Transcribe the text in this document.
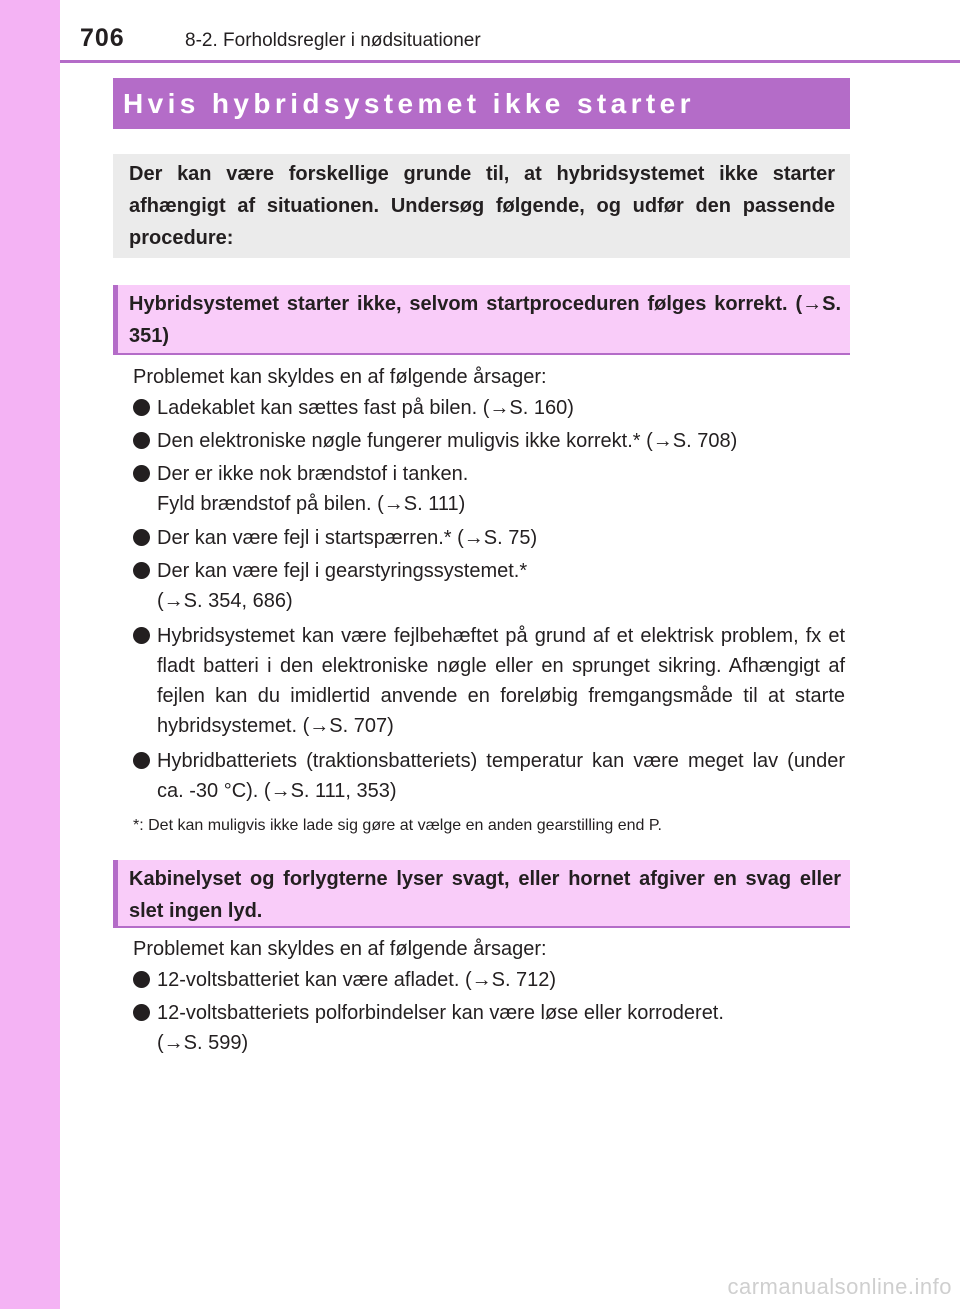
706	8-2. Forholdsregler i nødsituationer
Hvis hybridsystemet ikke starter
Der kan være forskellige grunde til, at hybridsystemet ikke starter afhængigt af situationen. Undersøg følgende, og udfør den passende procedure:
Hybridsystemet starter ikke, selvom startproceduren følges korrekt. (→S. 351)
Problemet kan skyldes en af følgende årsager:
Ladekablet kan sættes fast på bilen. (→S. 160)
Den elektroniske nøgle fungerer muligvis ikke korrekt.* (→S. 708)
Der er ikke nok brændstof i tanken.
Fyld brændstof på bilen. (→S. 111)
Der kan være fejl i startspærren.* (→S. 75)
Der kan være fejl i gearstyringssystemet.*
(→S. 354, 686)
Hybridsystemet kan være fejlbehæftet på grund af et elektrisk problem, fx et fladt batteri i den elektroniske nøgle eller en sprunget sikring. Afhængigt af fejlen kan du imidlertid anvende en foreløbig fremgangsmåde til at starte hybridsystemet. (→S. 707)
Hybridbatteriets (traktionsbatteriets) temperatur kan være meget lav (under ca. -30 °C). (→S. 111, 353)
*: Det kan muligvis ikke lade sig gøre at vælge en anden gearstilling end P.
Kabinelyset og forlygterne lyser svagt, eller hornet afgiver en svag eller slet ingen lyd.
Problemet kan skyldes en af følgende årsager:
12-voltsbatteriet kan være afladet. (→S. 712)
12-voltsbatteriets polforbindelser kan være løse eller korroderet.
(→S. 599)
carmanualsonline.info
